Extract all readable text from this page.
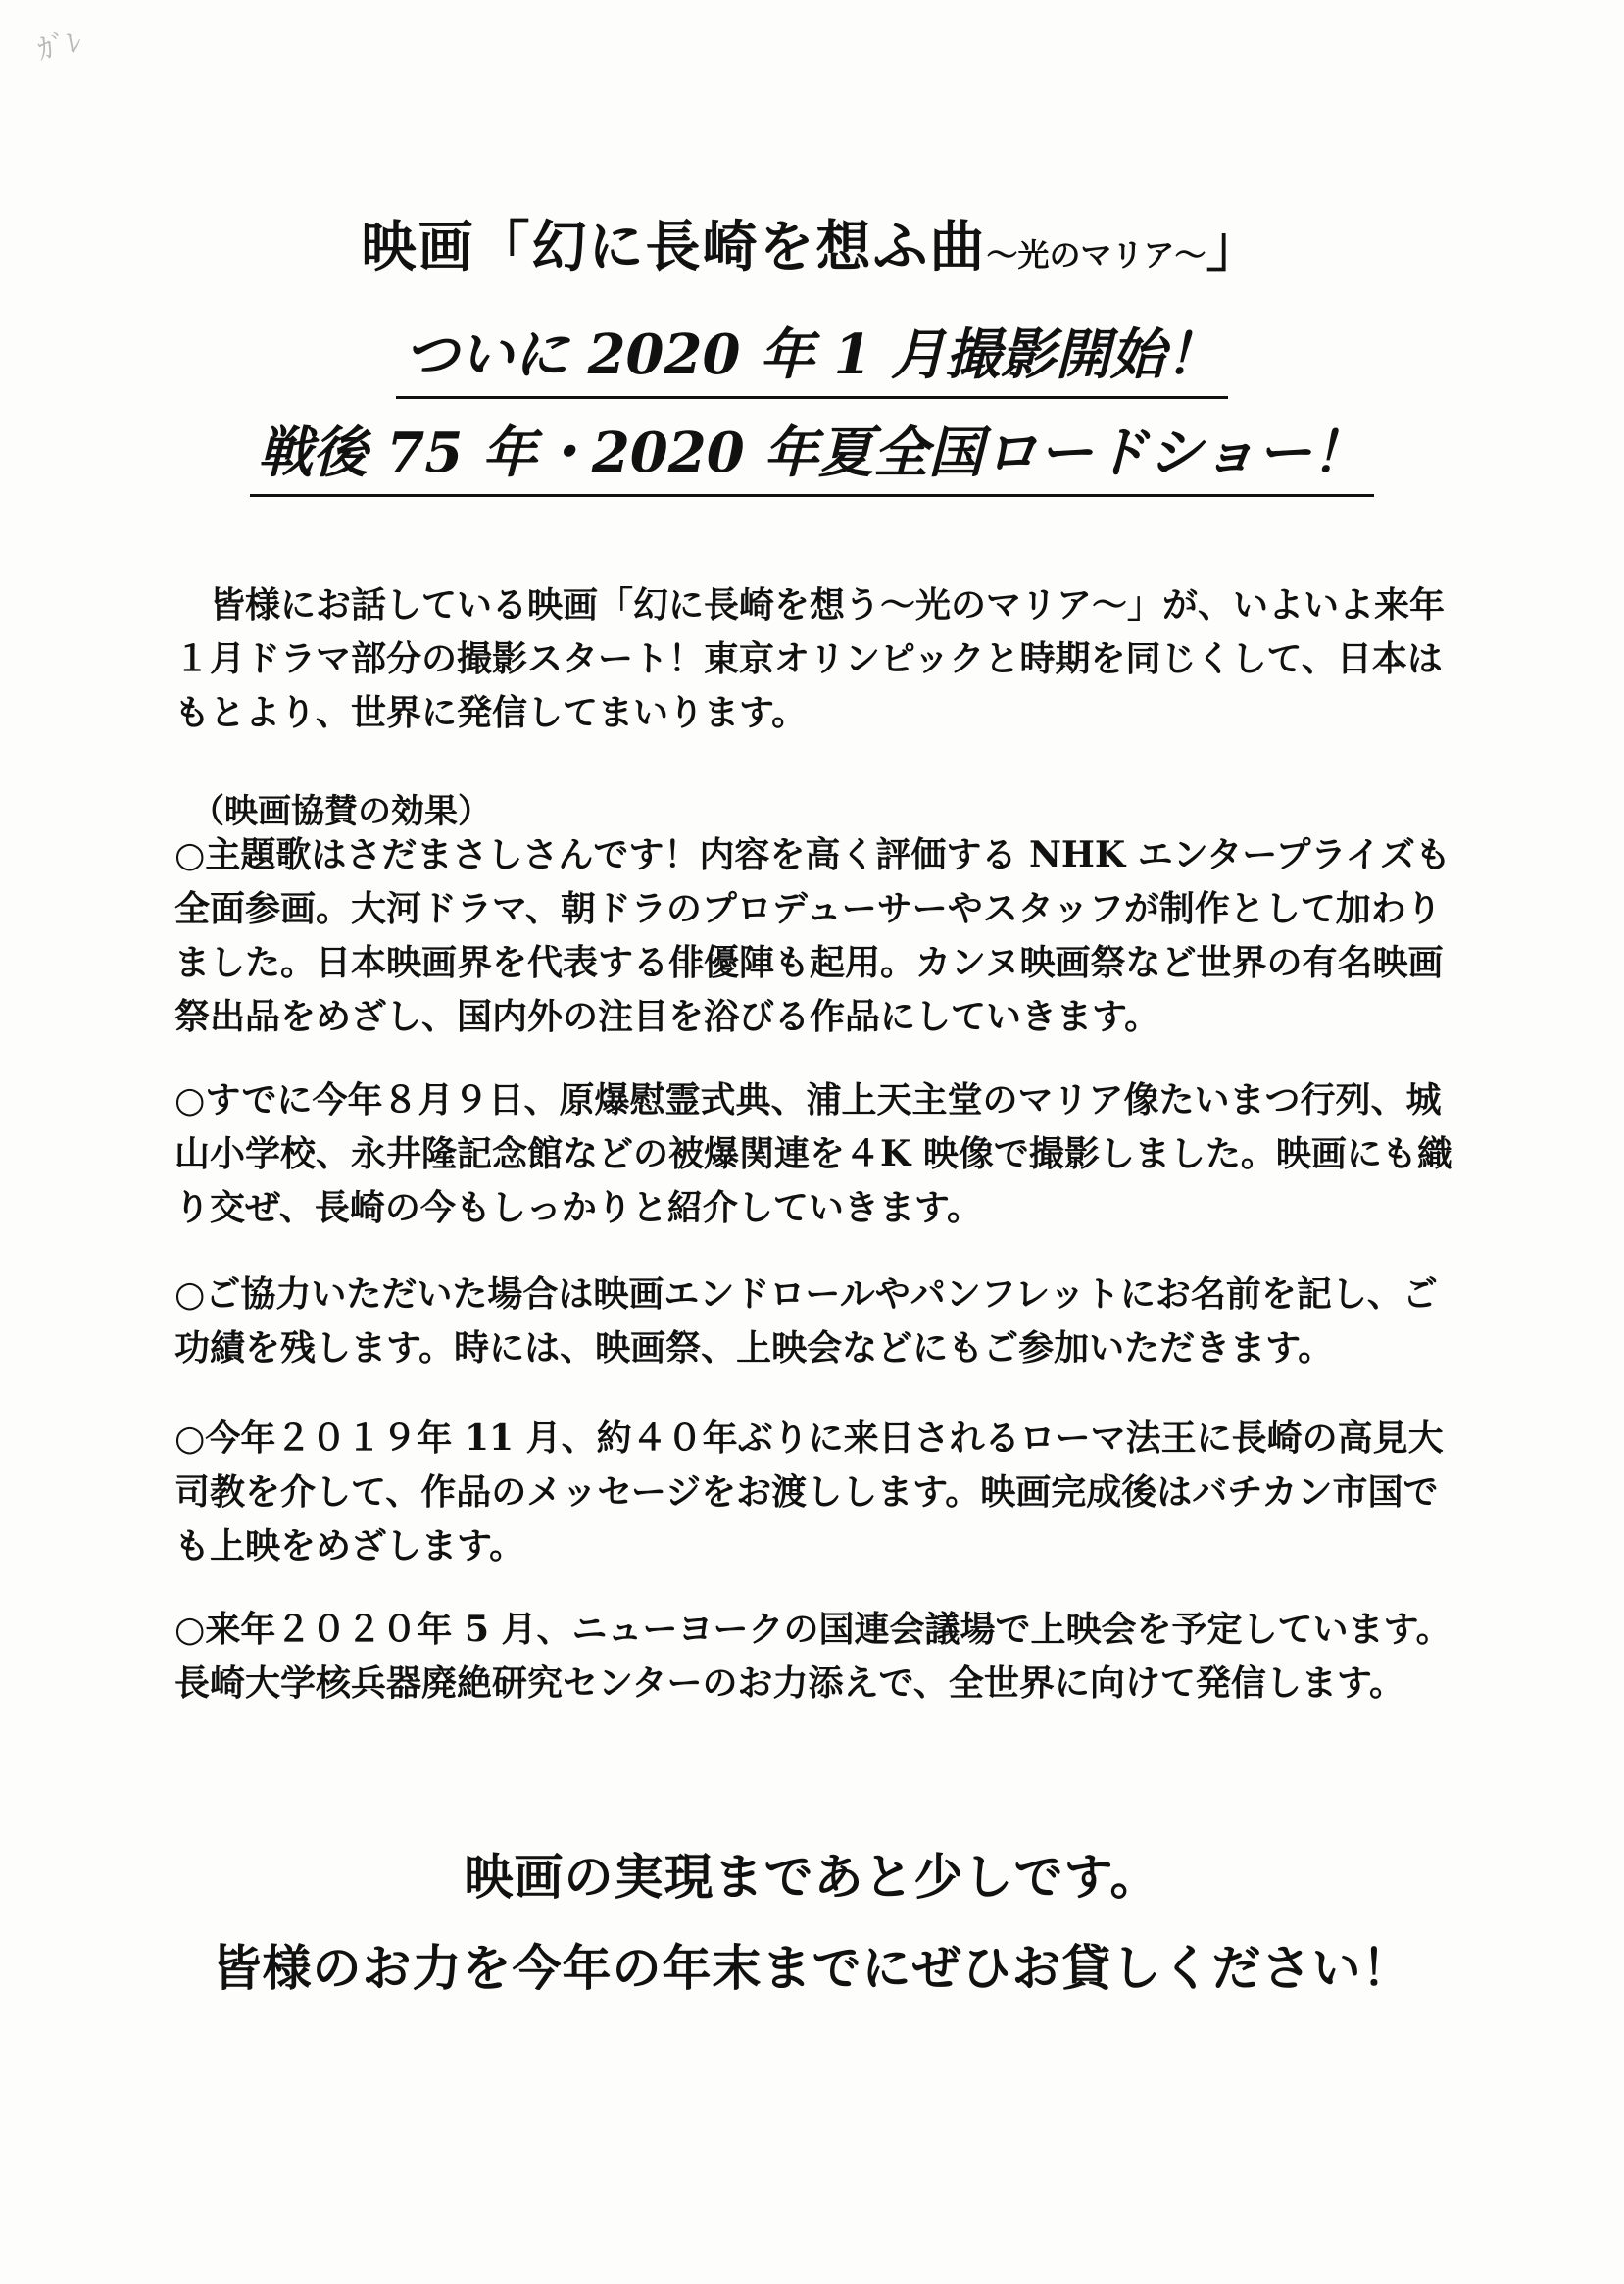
ｶﾞﾚ
映画「幻に長崎を想ふ曲～光のマリア～」
ついに 2020 年 1 月撮影開始！
戦後 75 年・2020 年夏全国ロードショー！
皆様にお話している映画「幻に長崎を想う～光のマリア～」が、いよいよ来年１月ドラマ部分の撮影スタート！東京オリンピックと時期を同じくして、日本はもとより、世界に発信してまいります。
（映画協賛の効果）
○主題歌はさだまさしさんです！内容を高く評価する NHK エンタープライズも全面参画。大河ドラマ、朝ドラのプロデューサーやスタッフが制作として加わりました。日本映画界を代表する俳優陣も起用。カンヌ映画祭など世界の有名映画祭出品をめざし、国内外の注目を浴びる作品にしていきます。
○すでに今年８月９日、原爆慰霊式典、浦上天主堂のマリア像たいまつ行列、城山小学校、永井隆記念館などの被爆関連を４K 映像で撮影しました。映画にも織り交ぜ、長崎の今もしっかりと紹介していきます。
○ご協力いただいた場合は映画エンドロールやパンフレットにお名前を記し、ご功績を残します。時には、映画祭、上映会などにもご参加いただきます。
○今年２０１９年 11 月、約４０年ぶりに来日されるローマ法王に長崎の高見大司教を介して、作品のメッセージをお渡しします。映画完成後はバチカン市国でも上映をめざします。
○来年２０２０年 5 月、ニューヨークの国連会議場で上映会を予定しています。長崎大学核兵器廃絶研究センターのお力添えで、全世界に向けて発信します。
映画の実現まであと少しです。
皆様のお力を今年の年末までにぜひお貸しください！
